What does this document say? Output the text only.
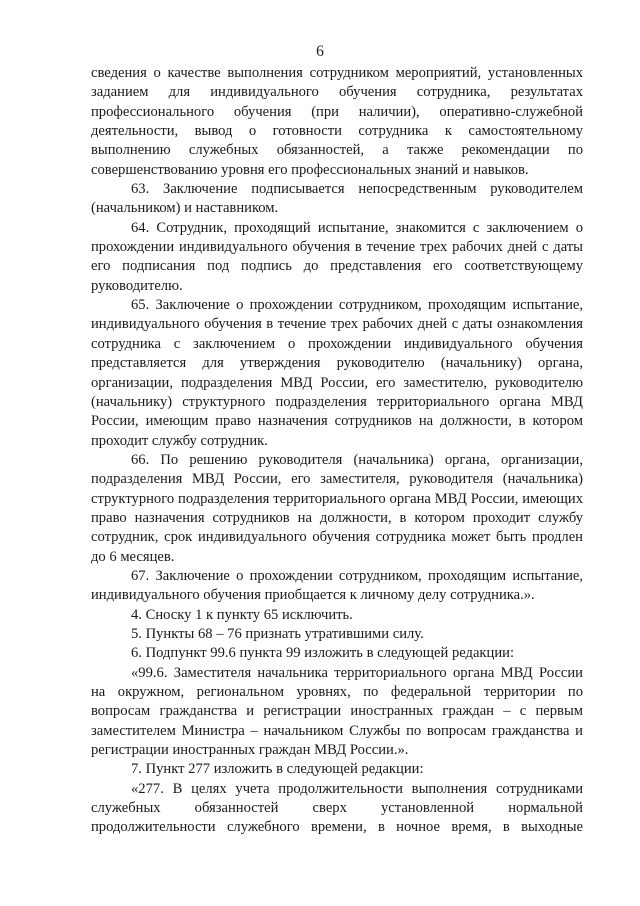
6

сведения о качестве выполнения сотрудником мероприятий, установленных заданием для индивидуального обучения сотрудника, результатах профессионального обучения (при наличии), оперативно-служебной деятельности, вывод о готовности сотрудника к самостоятельному выполнению служебных обязанностей, а также рекомендации по совершенствованию уровня его профессиональных знаний и навыков.

63. Заключение подписывается непосредственным руководителем (начальником) и наставником.

64. Сотрудник, проходящий испытание, знакомится с заключением о прохождении индивидуального обучения в течение трех рабочих дней с даты его подписания под подпись до представления его соответствующему руководителю.

65. Заключение о прохождении сотрудником, проходящим испытание, индивидуального обучения в течение трех рабочих дней с даты ознакомления сотрудника с заключением о прохождении индивидуального обучения представляется для утверждения руководителю (начальнику) органа, организации, подразделения МВД России, его заместителю, руководителю (начальнику) структурного подразделения территориального органа МВД России, имеющим право назначения сотрудников на должности, в котором проходит службу сотрудник.

66. По решению руководителя (начальника) органа, организации, подразделения МВД России, его заместителя, руководителя (начальника) структурного подразделения территориального органа МВД России, имеющих право назначения сотрудников на должности, в котором проходит службу сотрудник, срок индивидуального обучения сотрудника может быть продлен до 6 месяцев.

67. Заключение о прохождении сотрудником, проходящим испытание, индивидуального обучения приобщается к личному делу сотрудника.».

4. Сноску 1 к пункту 65 исключить.

5. Пункты 68 – 76 признать утратившими силу.

6. Подпункт 99.6 пункта 99 изложить в следующей редакции:

«99.6. Заместителя начальника территориального органа МВД России на окружном, региональном уровнях, по федеральной территории по вопросам гражданства и регистрации иностранных граждан – с первым заместителем Министра – начальником Службы по вопросам гражданства и регистрации иностранных граждан МВД России.».

7. Пункт 277 изложить в следующей редакции:

«277. В целях учета продолжительности выполнения сотрудниками служебных обязанностей сверх установленной нормальной продолжительности служебного времени, в ночное время, в выходные
